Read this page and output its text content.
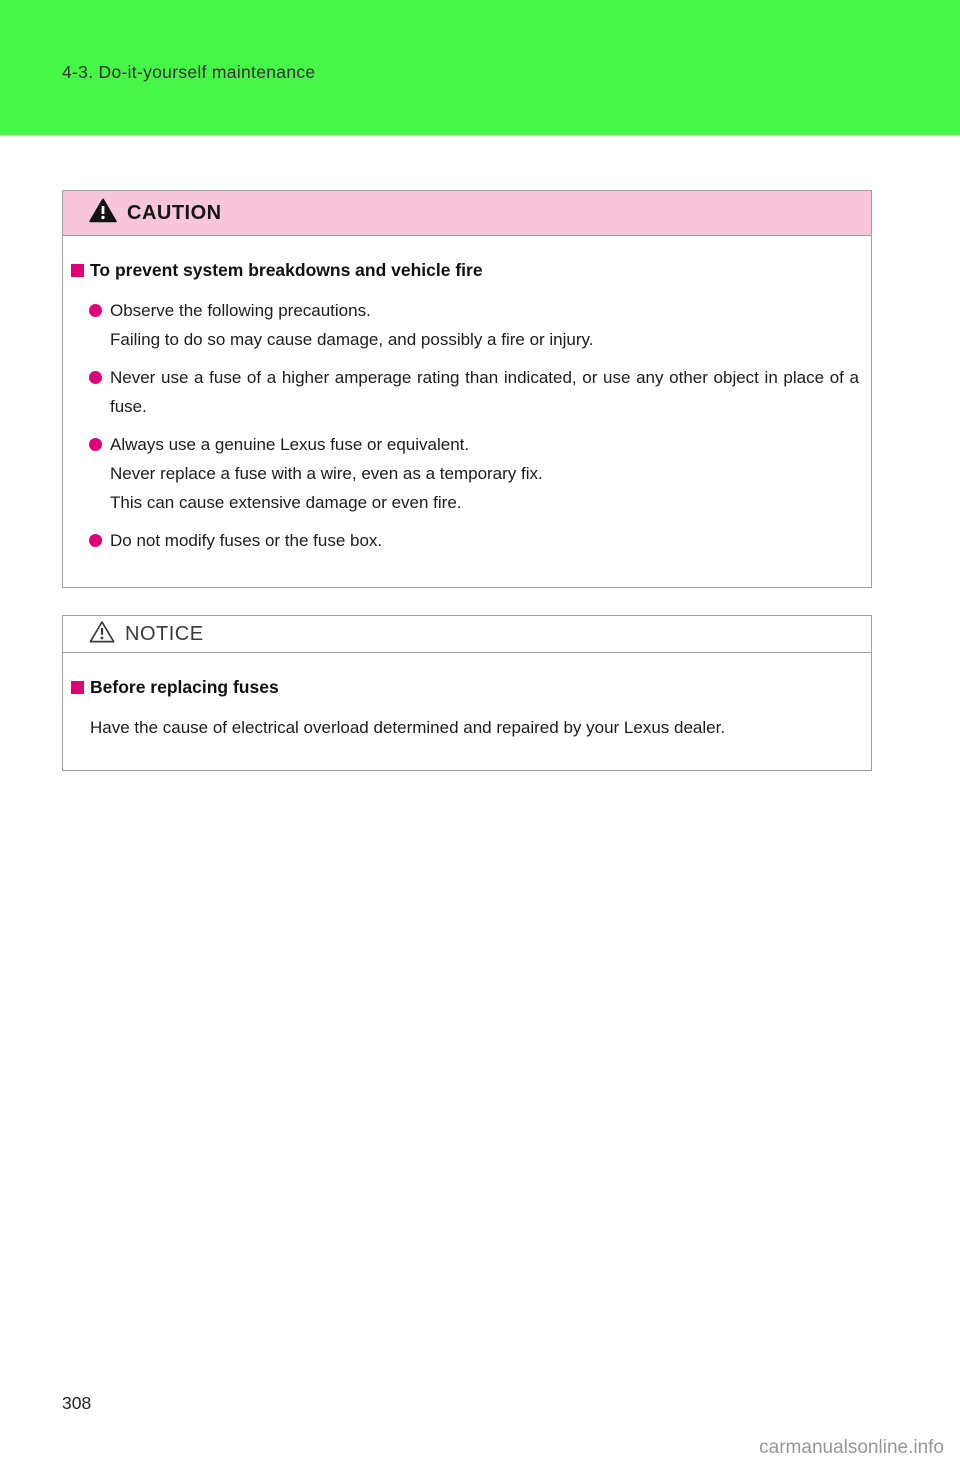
4-3. Do-it-yourself maintenance
CAUTION
To prevent system breakdowns and vehicle fire

Observe the following precautions.

Failing to do so may cause damage, and possibly a fire or injury.

Never use a fuse of a higher amperage rating than indicated, or use any other object in place of a fuse.

Always use a genuine Lexus fuse or equivalent.

Never replace a fuse with a wire, even as a temporary fix.

This can cause extensive damage or even fire.

Do not modify fuses or the fuse box.

NOTICE
Before replacing fuses

Have the cause of electrical overload determined and repaired by your Lexus dealer.

308
carmanualsonline.info
